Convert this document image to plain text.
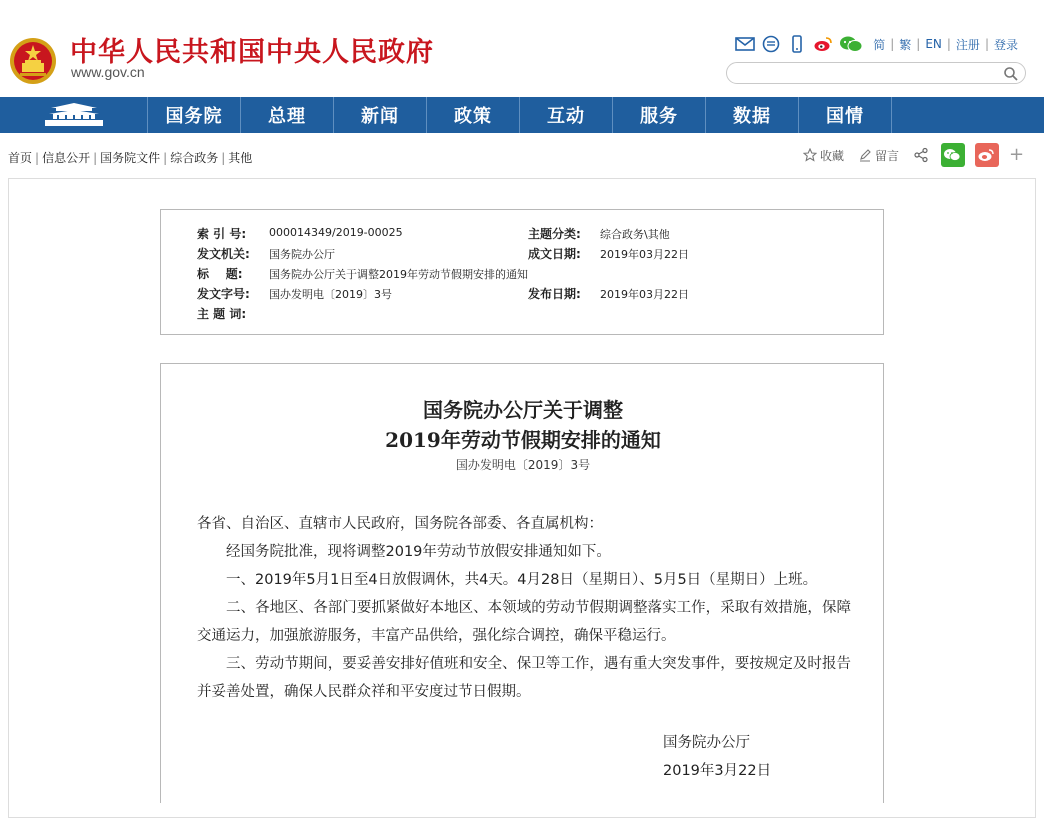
中华人民共和国中央人民政府
www.gov.cn
简 | 繁 | EN | 注册 | 登录
国务院	总理	新闻	政策	互动	服务	数据	国情
首页 | 信息公开 | 国务院文件 | 综合政务 | 其他	收藏	留言	+
索 引 号: 000014349/2019-00025	主题分类: 综合政务\其他
发文机关: 国务院办公厅	成文日期: 2019年03月22日
标    题: 国务院办公厅关于调整2019年劳动节假期安排的通知
发文字号: 国办发明电〔2019〕3号	发布日期: 2019年03月22日
主 题 词:
国务院办公厅关于调整
2019年劳动节假期安排的通知
国办发明电〔2019〕3号

各省、自治区、直辖市人民政府，国务院各部委、各直属机构：

经国务院批准，现将调整2019年劳动节放假安排通知如下。

一、2019年5月1日至4日放假调休，共4天。4月28日（星期日）、5月5日（星期日）上班。

二、各地区、各部门要抓紧做好本地区、本领域的劳动节假期调整落实工作，采取有效措施，保障交通运力，加强旅游服务，丰富产品供给，强化综合调控，确保平稳运行。

三、劳动节期间，要妥善安排好值班和安全、保卫等工作，遇有重大突发事件，要按规定及时报告并妥善处置，确保人民群众祥和平安度过节日假期。

国务院办公厅
2019年3月22日
